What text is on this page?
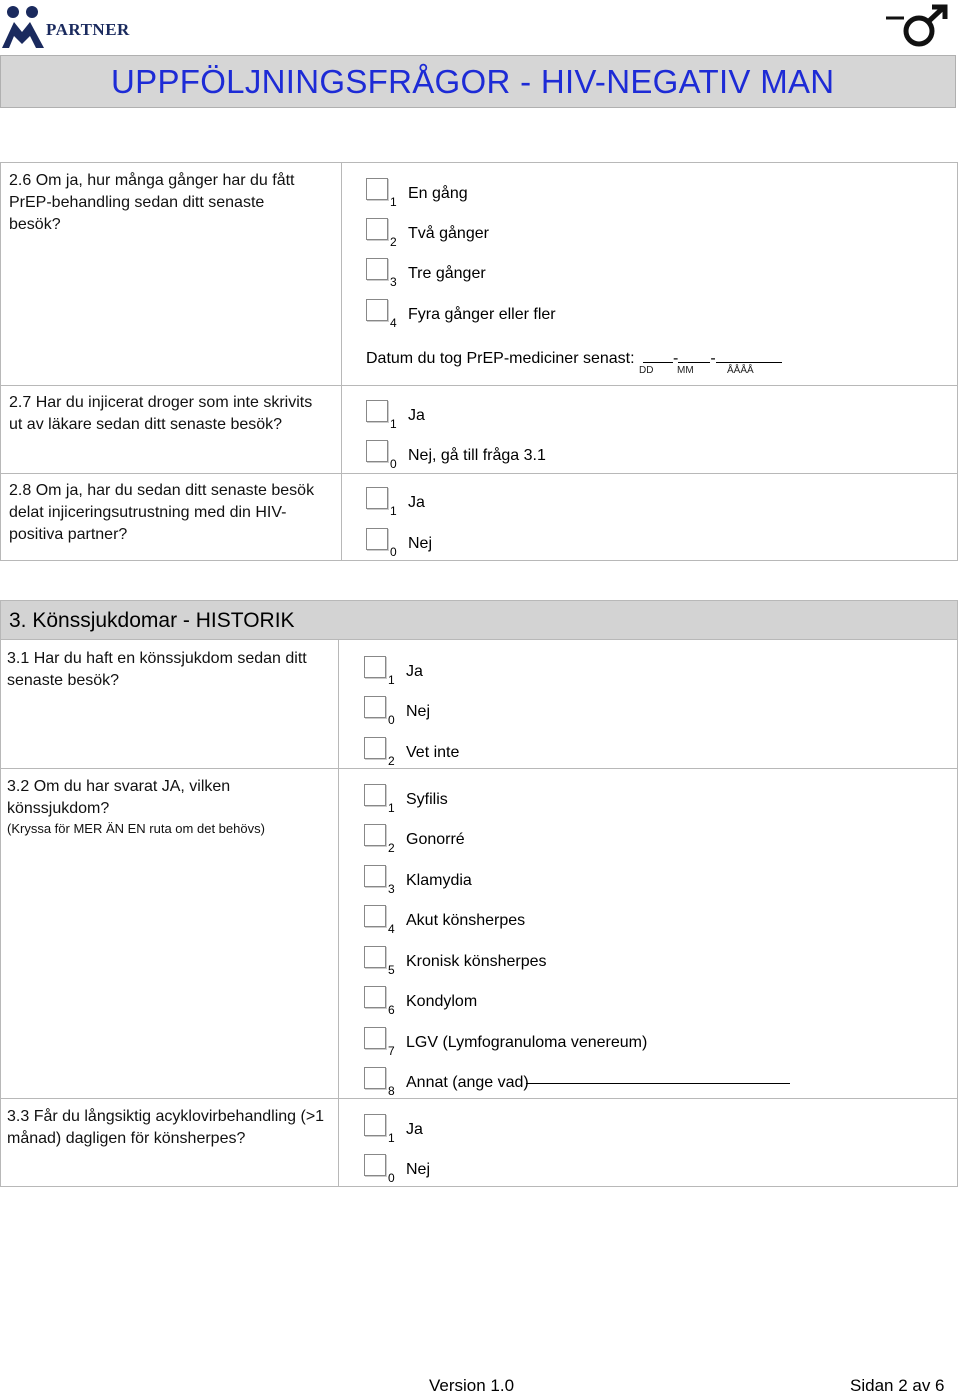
PARTNER
UPPFÖLJNINGSFRÅGOR - HIV-NEGATIV MAN
2.6 Om ja, hur många gånger har du fått PrEP-behandling sedan ditt senaste besök?
1 En gång
2 Två gånger
3 Tre gånger
4 Fyra gånger eller fler
Datum du tog PrEP-mediciner senast: - -
DD MM	ÅÅÅÅ
2.7 Har du injicerat droger som inte skrivits ut av läkare sedan ditt senaste besök?	1 Ja
0 Nej, gå till fråga 3.1
2.8 Om ja, har du sedan ditt senaste besök delat injiceringsutrustning med din HIV-positiva partner?
1 Ja
0 Nej
3. Könssjukdomar - HISTORIK
3.1 Har du haft en könssjukdom sedan ditt senaste besök?	1 Ja
0 Nej
2 Vet inte
3.2 Om du har svarat JA, vilken könssjukdom?
(Kryssa för MER ÄN EN ruta om det behövs)
1 Syfilis
2 Gonorré
3 Klamydia
4 Akut könsherpes
5 Kronisk könsherpes
6 Kondylom
7 LGV (Lymfogranuloma venereum)
8 Annat (ange vad)
3.3 Får du långsiktig acyklovirbehandling (>1 månad) dagligen för könsherpes?	1 Ja
0 Nej
Version 1.0	Sidan 2 av 6
